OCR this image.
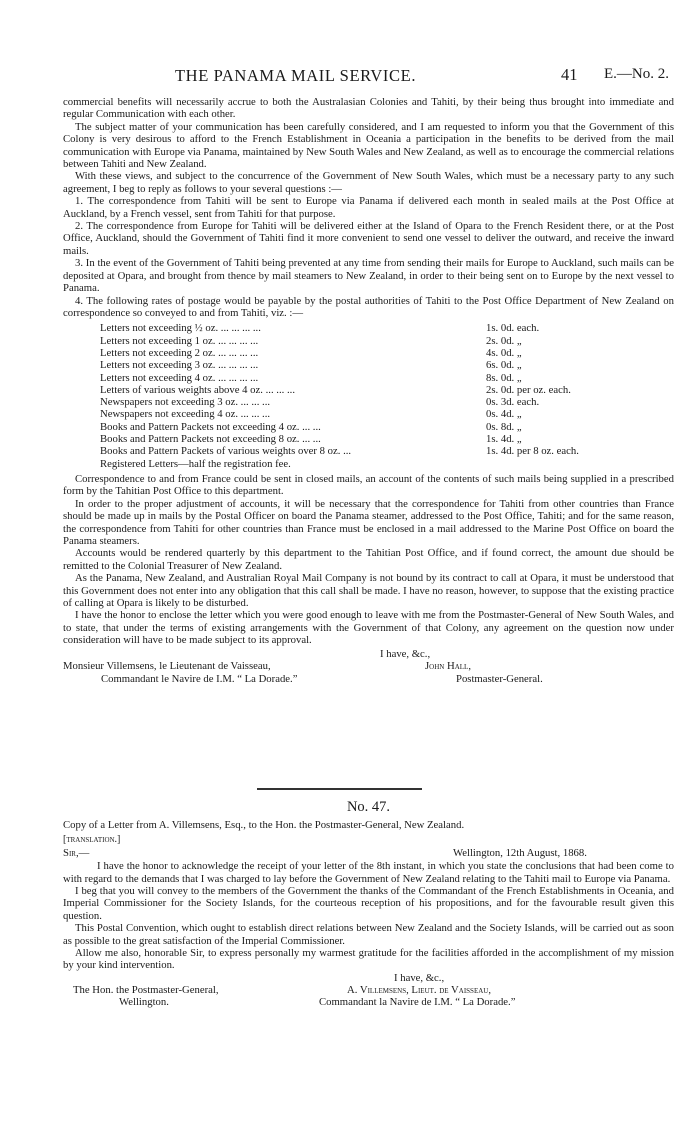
THE PANAMA MAIL SERVICE.	41 E.—No. 2.

commercial benefits will necessarily accrue to both the Australasian Colonies and Tahiti, by their being thus brought into immediate and regular Communication with each other.

The subject matter of your communication has been carefully considered, and I am requested to inform you that the Government of this Colony is very desirous to afford to the French Establishment in Oceania a participation in the benefits to be derived from the mail communication with Europe via Panama, maintained by New South Wales and New Zealand, as well as to encourage the commercial relations between Tahiti and New Zealand.

With these views, and subject to the concurrence of the Government of New South Wales, which must be a necessary party to any such agreement, I beg to reply as follows to your several questions :—

1. The correspondence from Tahiti will be sent to Europe via Panama if delivered each month in sealed mails at the Post Office at Auckland, by a French vessel, sent from Tahiti for that purpose.

2. The correspondence from Europe for Tahiti will be delivered either at the Island of Opara to the French Resident there, or at the Post Office, Auckland, should the Government of Tahiti find it more convenient to send one vessel to deliver the outward, and receive the inward mails.

3. In the event of the Government of Tahiti being prevented at any time from sending their mails for Europe to Auckland, such mails can be deposited at Opara, and brought from thence by mail steamers to New Zealand, in order to their being sent on to Europe by the next vessel to Panama.

4. The following rates of postage would be payable by the postal authorities of Tahiti to the Post Office Department of New Zealand on correspondence so conveyed to and from Tahiti, viz. :—

Letters not exceeding ½ oz. ... ... ... ...	1s. 0d. each.
Letters not exceeding 1 oz. ... ... ... ...	2s. 0d. „
Letters not exceeding 2 oz. ... ... ... ...	4s. 0d. „
Letters not exceeding 3 oz. ... ... ... ...	6s. 0d. „
Letters not exceeding 4 oz. ... ... ... ...	8s. 0d. „
Letters of various weights above 4 oz. ... ... ...	2s. 0d. per oz. each.
Newspapers not exceeding 3 oz. ... ... ...	0s. 3d. each.
Newspapers not exceeding 4 oz. ... ... ...	0s. 4d. „
Books and Pattern Packets not exceeding 4 oz. ... ...	0s. 8d. „
Books and Pattern Packets not exceeding 8 oz. ... ...	1s. 4d. „
Books and Pattern Packets of various weights over 8 oz. ...	1s. 4d. per 8 oz. each.
Registered Letters—half the registration fee.

Correspondence to and from France could be sent in closed mails, an account of the contents of such mails being supplied in a prescribed form by the Tahitian Post Office to this department.

In order to the proper adjustment of accounts, it will be necessary that the correspondence for Tahiti from other countries than France should be made up in mails by the Postal Officer on board the Panama steamer, addressed to the Post Office, Tahiti; and for the same reason, the correspondence from Tahiti for other countries than France must be enclosed in a mail addressed to the Marine Post Office on board the Panama steamers.

Accounts would be rendered quarterly by this department to the Tahitian Post Office, and if found correct, the amount due should be remitted to the Colonial Treasurer of New Zealand.

As the Panama, New Zealand, and Australian Royal Mail Company is not bound by its contract to call at Opara, it must be understood that this Government does not enter into any obligation that this call shall be made. I have no reason, however, to suppose that the existing practice of calling at Opara is likely to be disturbed.

I have the honor to enclose the letter which you were good enough to leave with me from the Postmaster-General of New South Wales, and to state, that under the terms of existing arrangements with the Government of that Colony, any agreement on the question now under consideration will have to be made subject to its approval.

I have, &c.,
John Hall,
Monsieur Villemsens, le Lieutenant de Vaisseau,
Commandant le Navire de I.M. “ La Dorade.”	Postmaster-General.
No. 47.

Copy of a Letter from A. Villemsens, Esq., to the Hon. the Postmaster-General, New Zealand.

[translation.]

Sir,—	Wellington, 12th August, 1868.

I have the honor to acknowledge the receipt of your letter of the 8th instant, in which you state the conclusions that had been come to with regard to the demands that I was charged to lay before the Government of New Zealand relating to the Tahiti mail to Europe via Panama.

I beg that you will convey to the members of the Government the thanks of the Commandant of the French Establishments in Oceania, and Imperial Commissioner for the Society Islands, for the courteous reception of his propositions, and for the favourable result given this question.

This Postal Convention, which ought to establish direct relations between New Zealand and the Society Islands, will be carried out as soon as possible to the great satisfaction of the Imperial Commissioner.

Allow me also, honorable Sir, to express personally my warmest gratitude for the facilities afforded in the accomplishment of my mission by your kind intervention.

I have, &c.,
The Hon. the Postmaster-General,
Wellington.
A. Villemsens, Lieut. de Vaisseau,
Commandant la Navire de I.M. “ La Dorade.”
